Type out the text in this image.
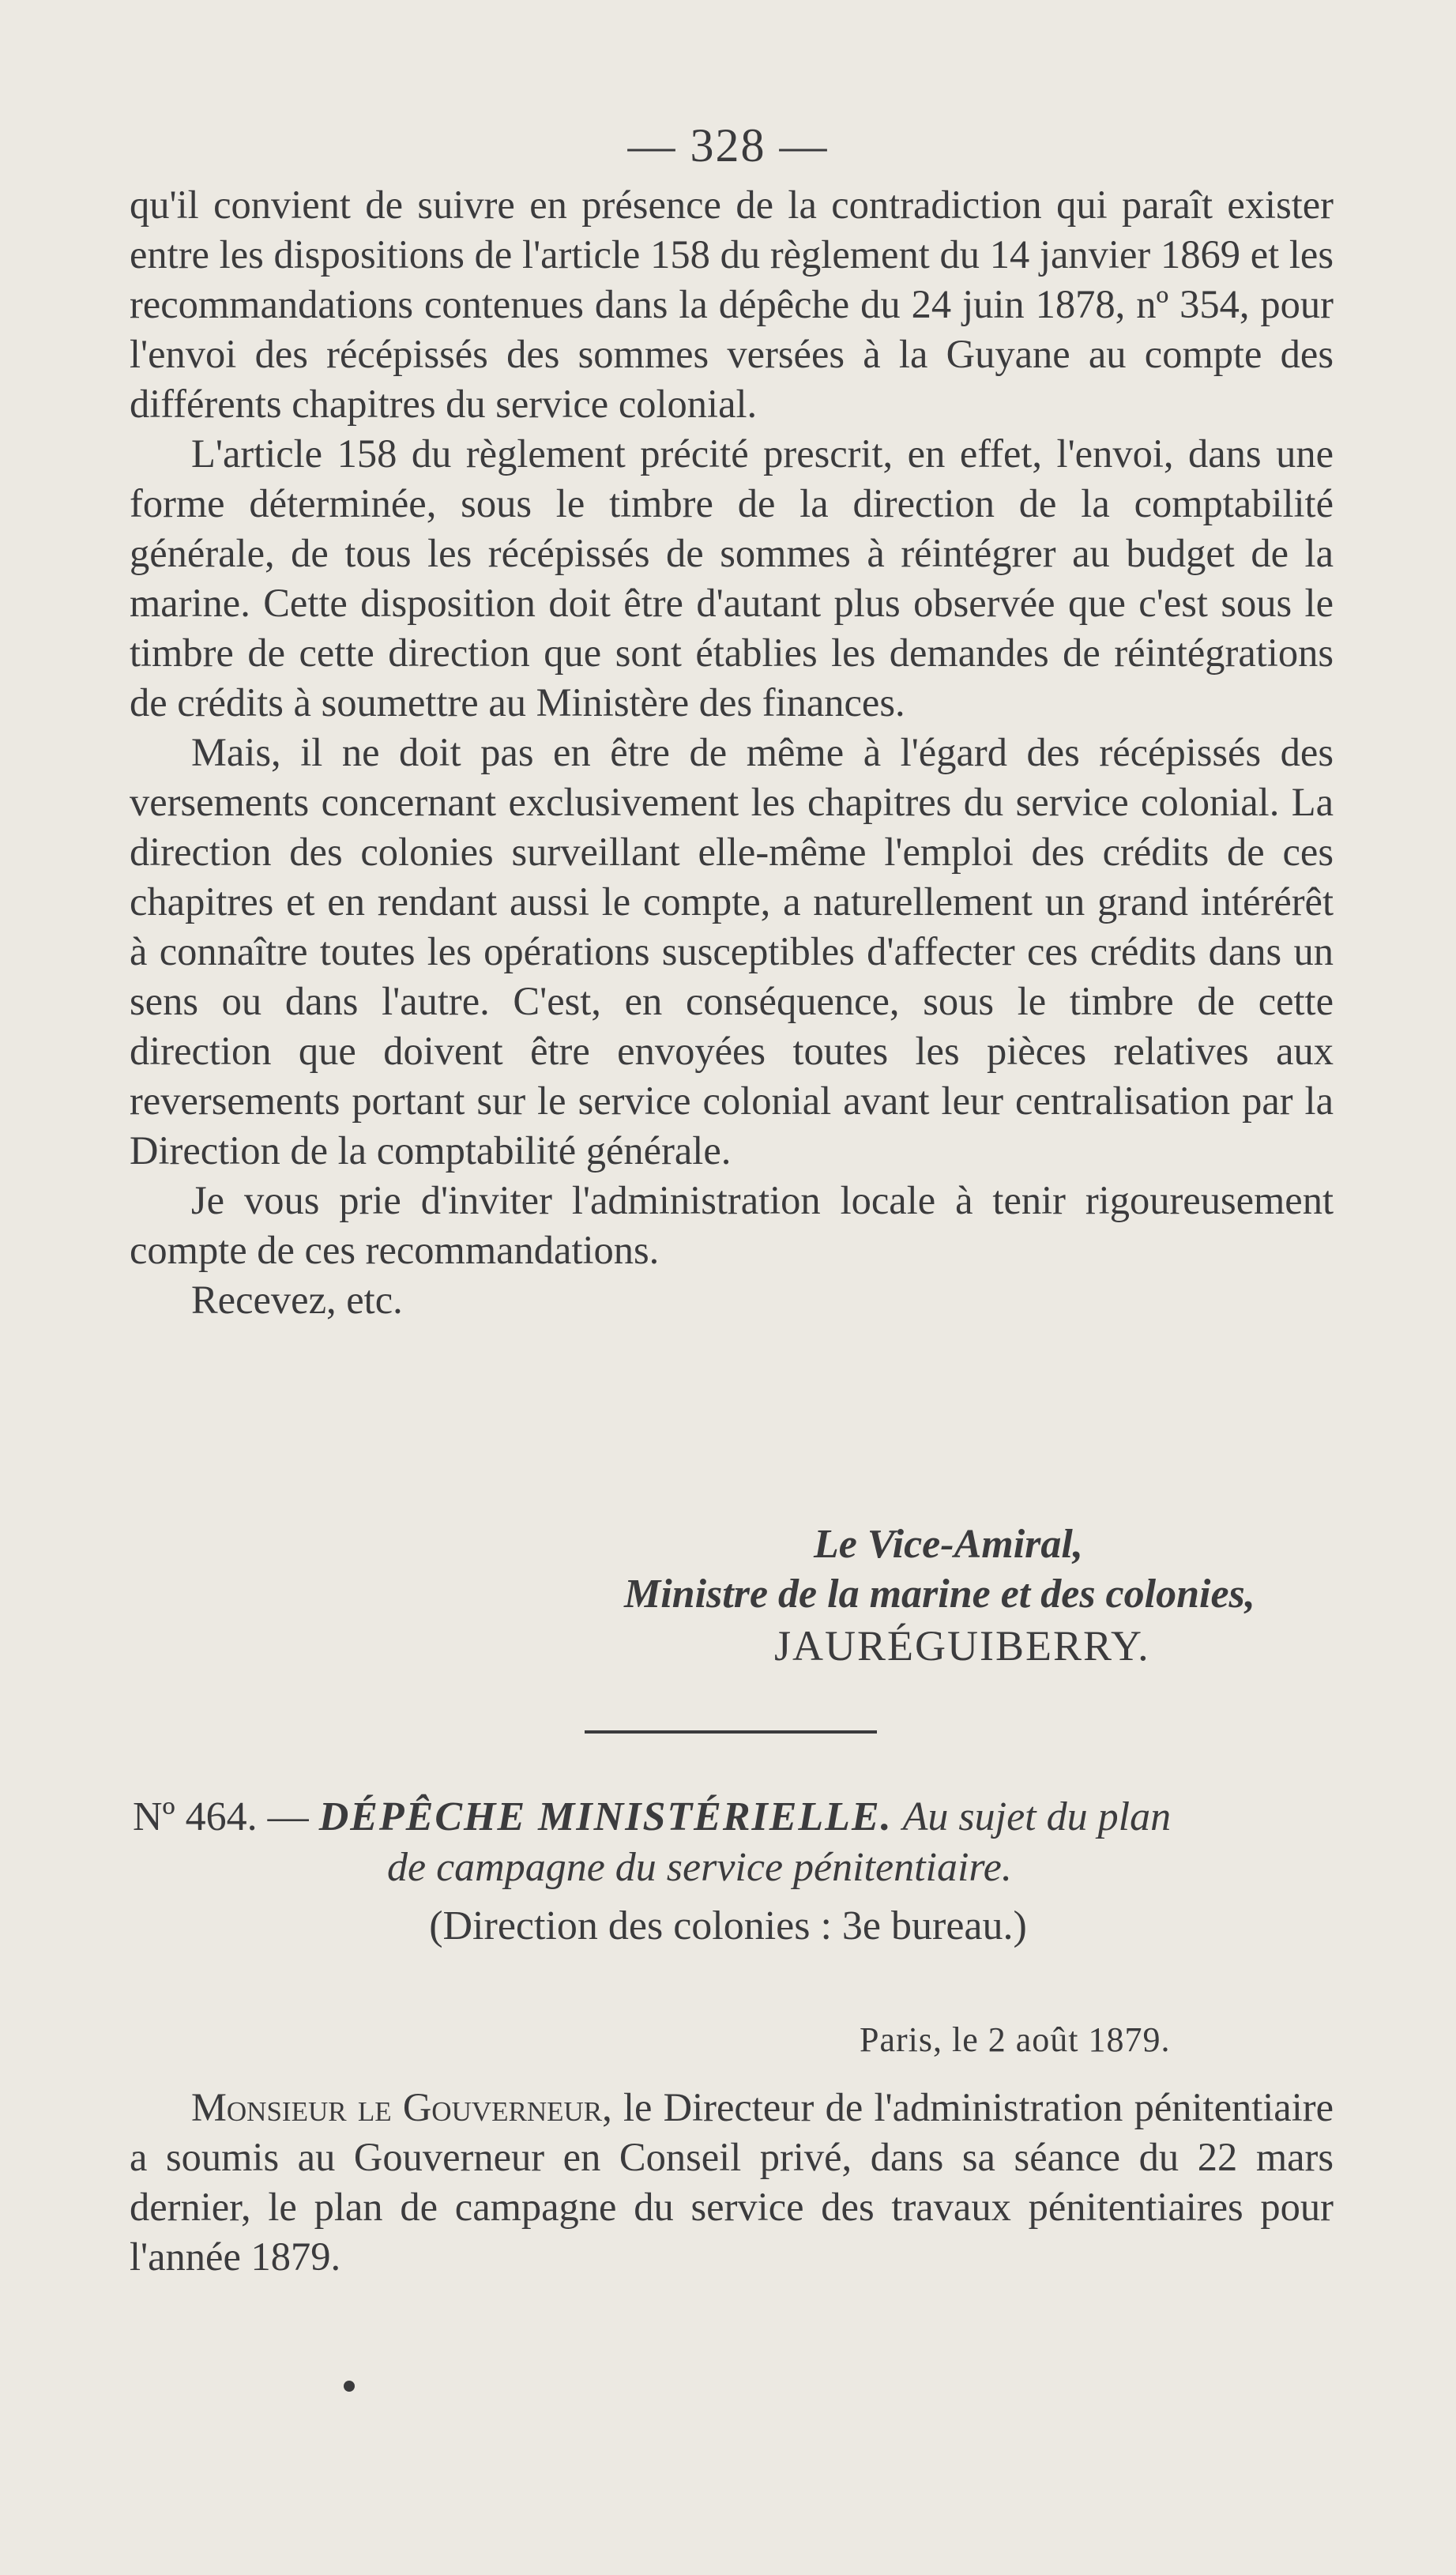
— 328 —

qu'il convient de suivre en présence de la contradiction qui paraît exister entre les dispositions de l'article 158 du règlement du 14 janvier 1869 et les recommandations contenues dans la dépêche du 24 juin 1878, nº 354, pour l'envoi des récépissés des sommes versées à la Guyane au compte des différents chapitres du service colonial.

L'article 158 du règlement précité prescrit, en effet, l'envoi, dans une forme déterminée, sous le timbre de la direction de la comptabilité générale, de tous les récépissés de sommes à réintégrer au budget de la marine. Cette disposition doit être d'autant plus observée que c'est sous le timbre de cette direction que sont établies les demandes de réintégrations de crédits à soumettre au Ministère des finances.

Mais, il ne doit pas en être de même à l'égard des récépissés des versements concernant exclusivement les chapitres du service colonial. La direction des colonies surveillant elle-même l'emploi des crédits de ces chapitres et en rendant aussi le compte, a naturellement un grand intérérêt à connaître toutes les opérations susceptibles d'affecter ces crédits dans un sens ou dans l'autre. C'est, en conséquence, sous le timbre de cette direction que doivent être envoyées toutes les pièces relatives aux reversements portant sur le service colonial avant leur centralisation par la Direction de la comptabilité générale.

Je vous prie d'inviter l'administration locale à tenir rigoureusement compte de ces recommandations.

Recevez, etc.

Le Vice-Amiral,
Ministre de la marine et des colonies,
JAURÉGUIBERRY.
Nº 464. — DÉPÊCHE MINISTÉRIELLE. Au sujet du plan
de campagne du service pénitentiaire.
(Direction des colonies : 3e bureau.)
Paris, le 2 août 1879.

Monsieur le Gouverneur, le Directeur de l'administration pénitentiaire a soumis au Gouverneur en Conseil privé, dans sa séance du 22 mars dernier, le plan de campagne du service des travaux pénitentiaires pour l'année 1879.
